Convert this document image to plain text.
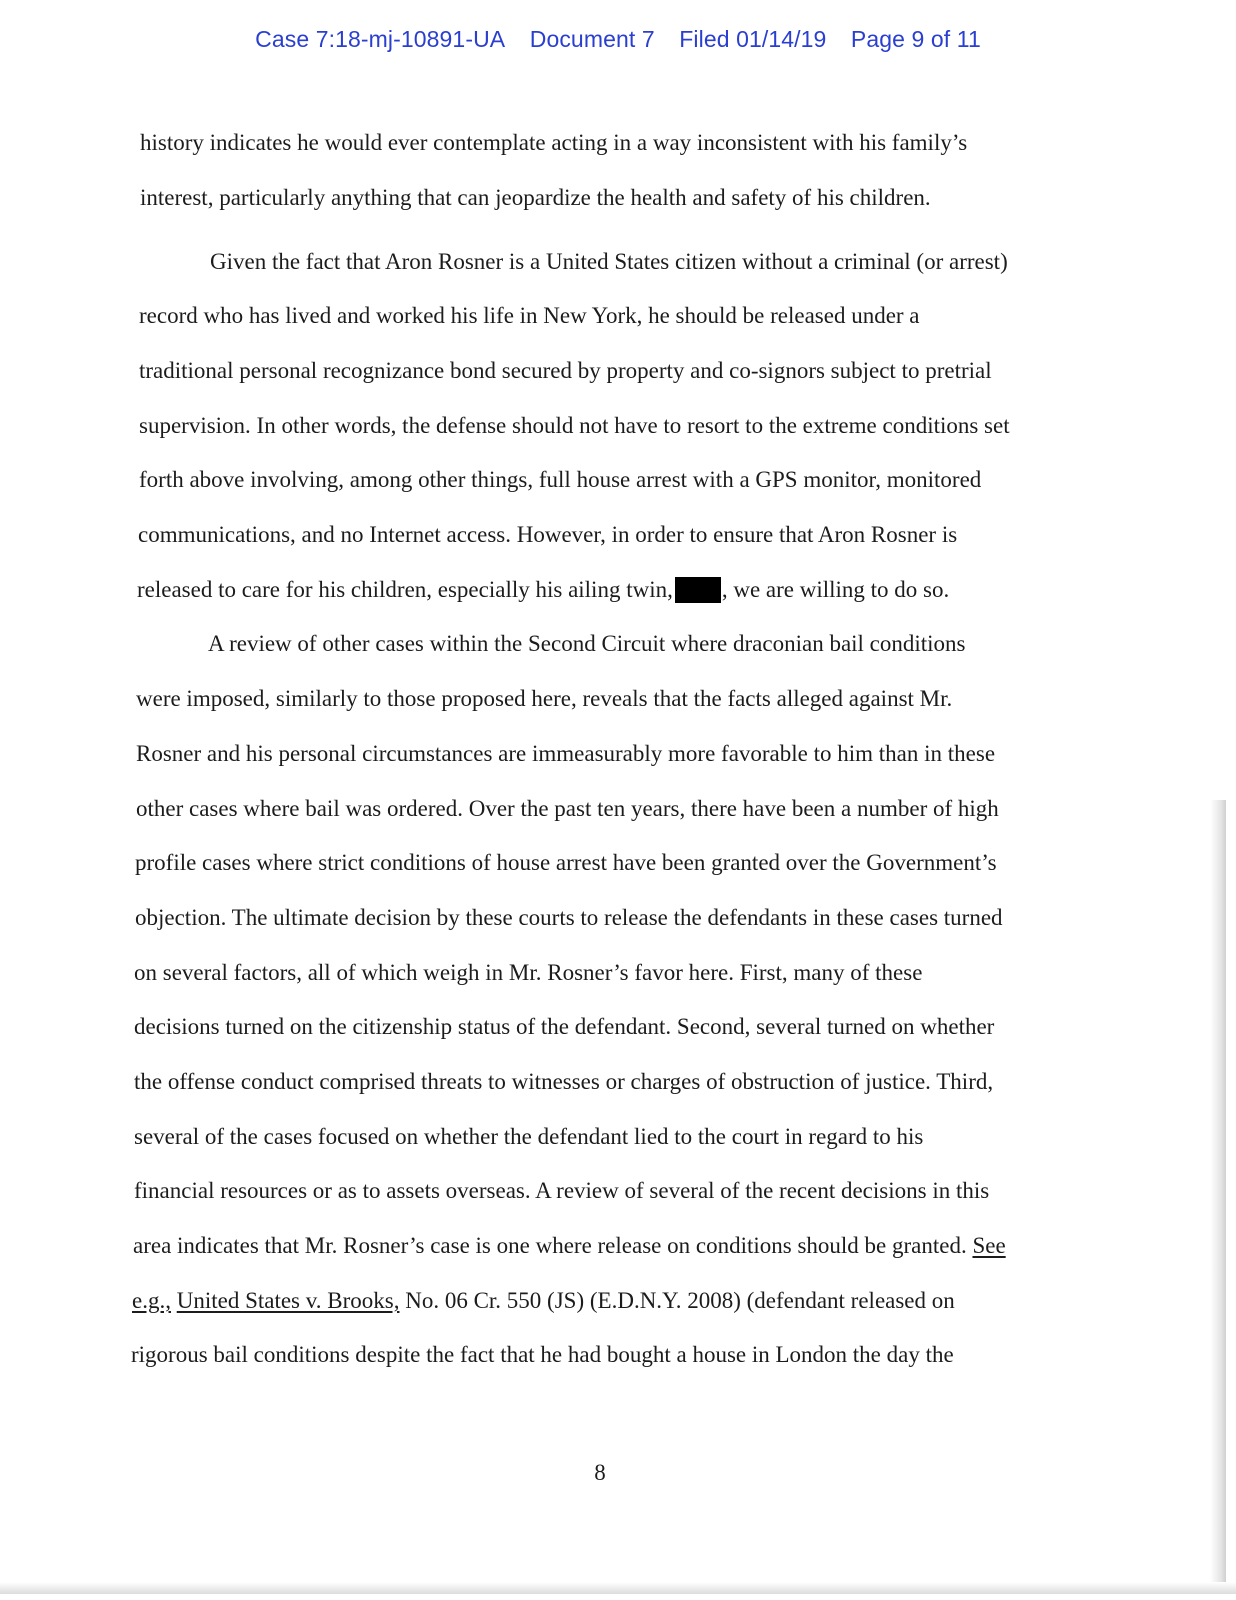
Case 7:18-mj-10891-UA Document 7 Filed 01/14/19 Page 9 of 11
history indicates he would ever contemplate acting in a way inconsistent with his family’s
interest, particularly anything that can jeopardize the health and safety of his children.
Given the fact that Aron Rosner is a United States citizen without a criminal (or arrest)
record who has lived and worked his life in New York, he should be released under a
traditional personal recognizance bond secured by property and co-signors subject to pretrial
supervision. In other words, the defense should not have to resort to the extreme conditions set
forth above involving, among other things, full house arrest with a GPS monitor, monitored
communications, and no Internet access. However, in order to ensure that Aron Rosner is
released to care for his children, especially his ailing twin, , we are willing to do so.
A review of other cases within the Second Circuit where draconian bail conditions
were imposed, similarly to those proposed here, reveals that the facts alleged against Mr.
Rosner and his personal circumstances are immeasurably more favorable to him than in these
other cases where bail was ordered. Over the past ten years, there have been a number of high
profile cases where strict conditions of house arrest have been granted over the Government’s
objection. The ultimate decision by these courts to release the defendants in these cases turned
on several factors, all of which weigh in Mr. Rosner’s favor here. First, many of these
decisions turned on the citizenship status of the defendant. Second, several turned on whether
the offense conduct comprised threats to witnesses or charges of obstruction of justice. Third,
several of the cases focused on whether the defendant lied to the court in regard to his
financial resources or as to assets overseas. A review of several of the recent decisions in this
area indicates that Mr. Rosner’s case is one where release on conditions should be granted. See
e.g., United States v. Brooks, No. 06 Cr. 550 (JS) (E.D.N.Y. 2008) (defendant released on
rigorous bail conditions despite the fact that he had bought a house in London the day the
8
